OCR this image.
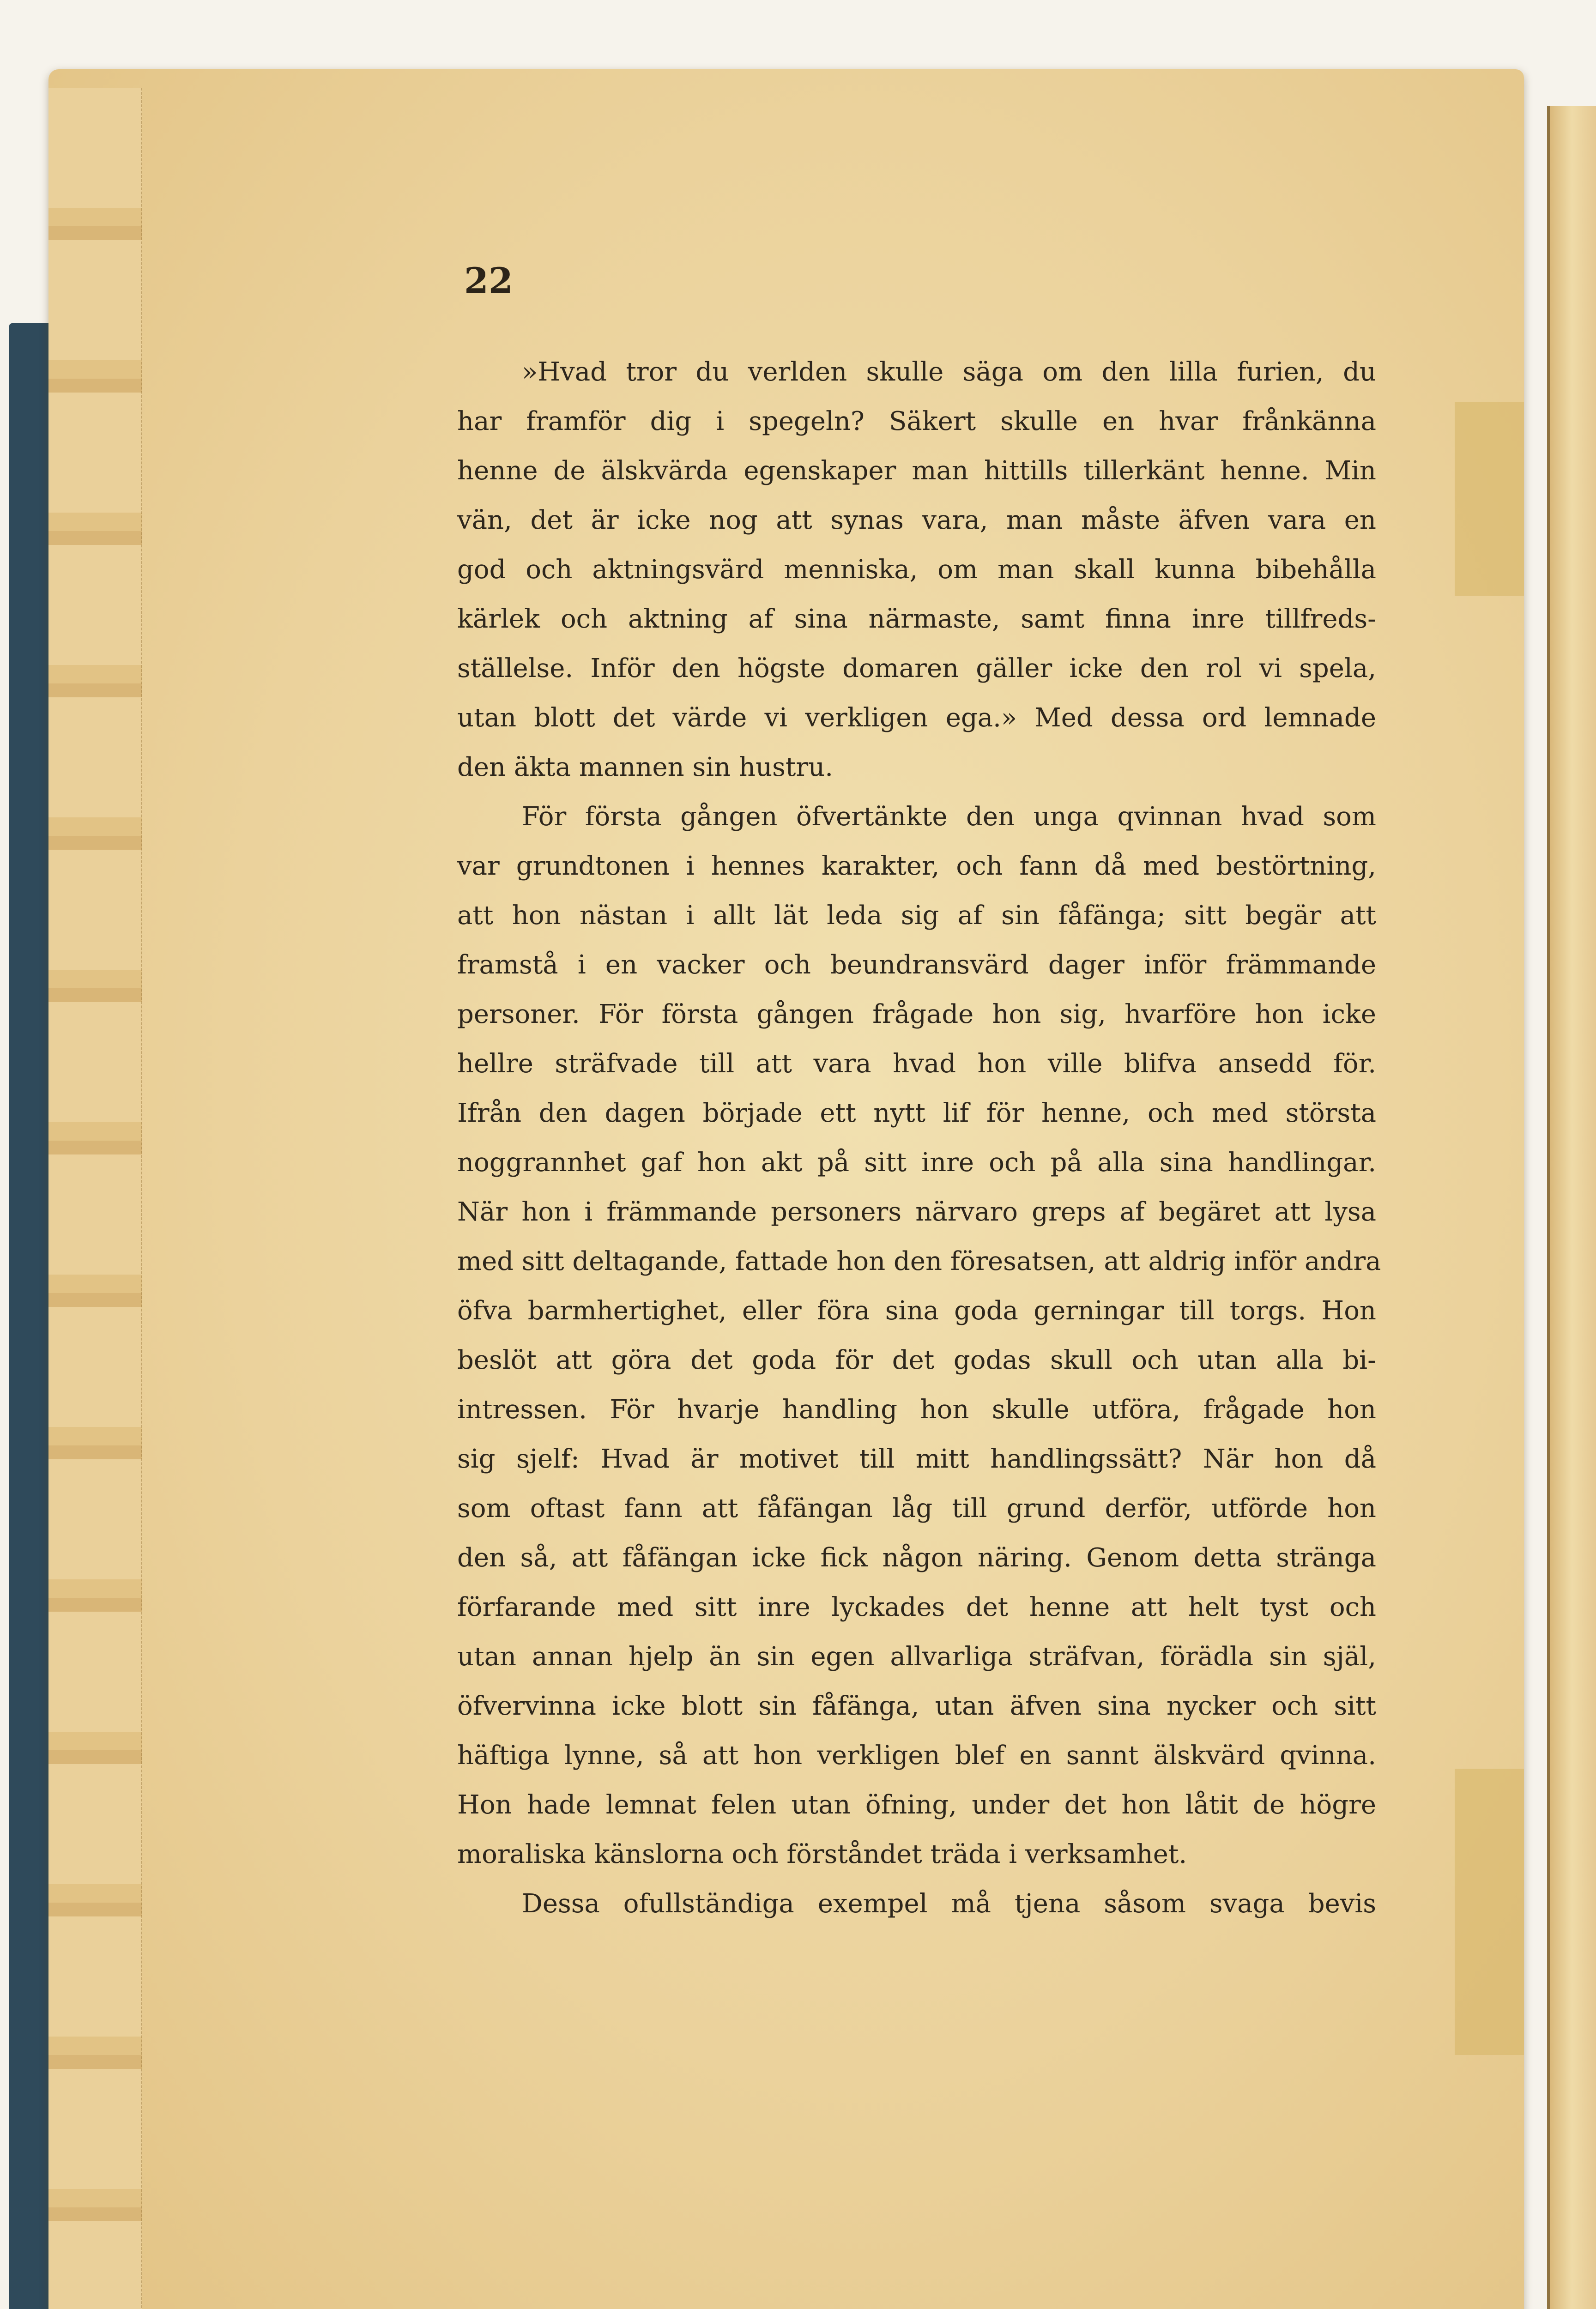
22

»Hvad tror du verlden skulle säga om den lilla furien, du
har framför dig i spegeln? Säkert skulle en hvar frånkänna
henne de älskvärda egenskaper man hittills tillerkänt henne. Min
vän, det är icke nog att synas vara, man måste äfven vara en
god och aktningsvärd menniska, om man skall kunna bibehålla
kärlek och aktning af sina närmaste, samt finna inre tillfreds-
ställelse. Inför den högste domaren gäller icke den rol vi spela,
utan blott det värde vi verkligen ega.» Med dessa ord lemnade
den äkta mannen sin hustru.

För första gången öfvertänkte den unga qvinnan hvad som
var grundtonen i hennes karakter, och fann då med bestörtning,
att hon nästan i allt lät leda sig af sin fåfänga; sitt begär att
framstå i en vacker och beundransvärd dager inför främmande
personer. För första gången frågade hon sig, hvarföre hon icke
hellre sträfvade till att vara hvad hon ville blifva ansedd för.
Ifrån den dagen började ett nytt lif för henne, och med största
noggrannhet gaf hon akt på sitt inre och på alla sina handlingar.
När hon i främmande personers närvaro greps af begäret att lysa
med sitt deltagande, fattade hon den föresatsen, att aldrig inför andra
öfva barmhertighet, eller föra sina goda gerningar till torgs. Hon
beslöt att göra det goda för det godas skull och utan alla bi-
intressen. För hvarje handling hon skulle utföra, frågade hon
sig sjelf: Hvad är motivet till mitt handlingssätt? När hon då
som oftast fann att fåfängan låg till grund derför, utförde hon
den så, att fåfängan icke fick någon näring. Genom detta stränga
förfarande med sitt inre lyckades det henne att helt tyst och
utan annan hjelp än sin egen allvarliga sträfvan, förädla sin själ,
öfvervinna icke blott sin fåfänga, utan äfven sina nycker och sitt
häftiga lynne, så att hon verkligen blef en sannt älskvärd qvinna.
Hon hade lemnat felen utan öfning, under det hon låtit de högre
moraliska känslorna och förståndet träda i verksamhet.

Dessa ofullständiga exempel må tjena såsom svaga bevis
